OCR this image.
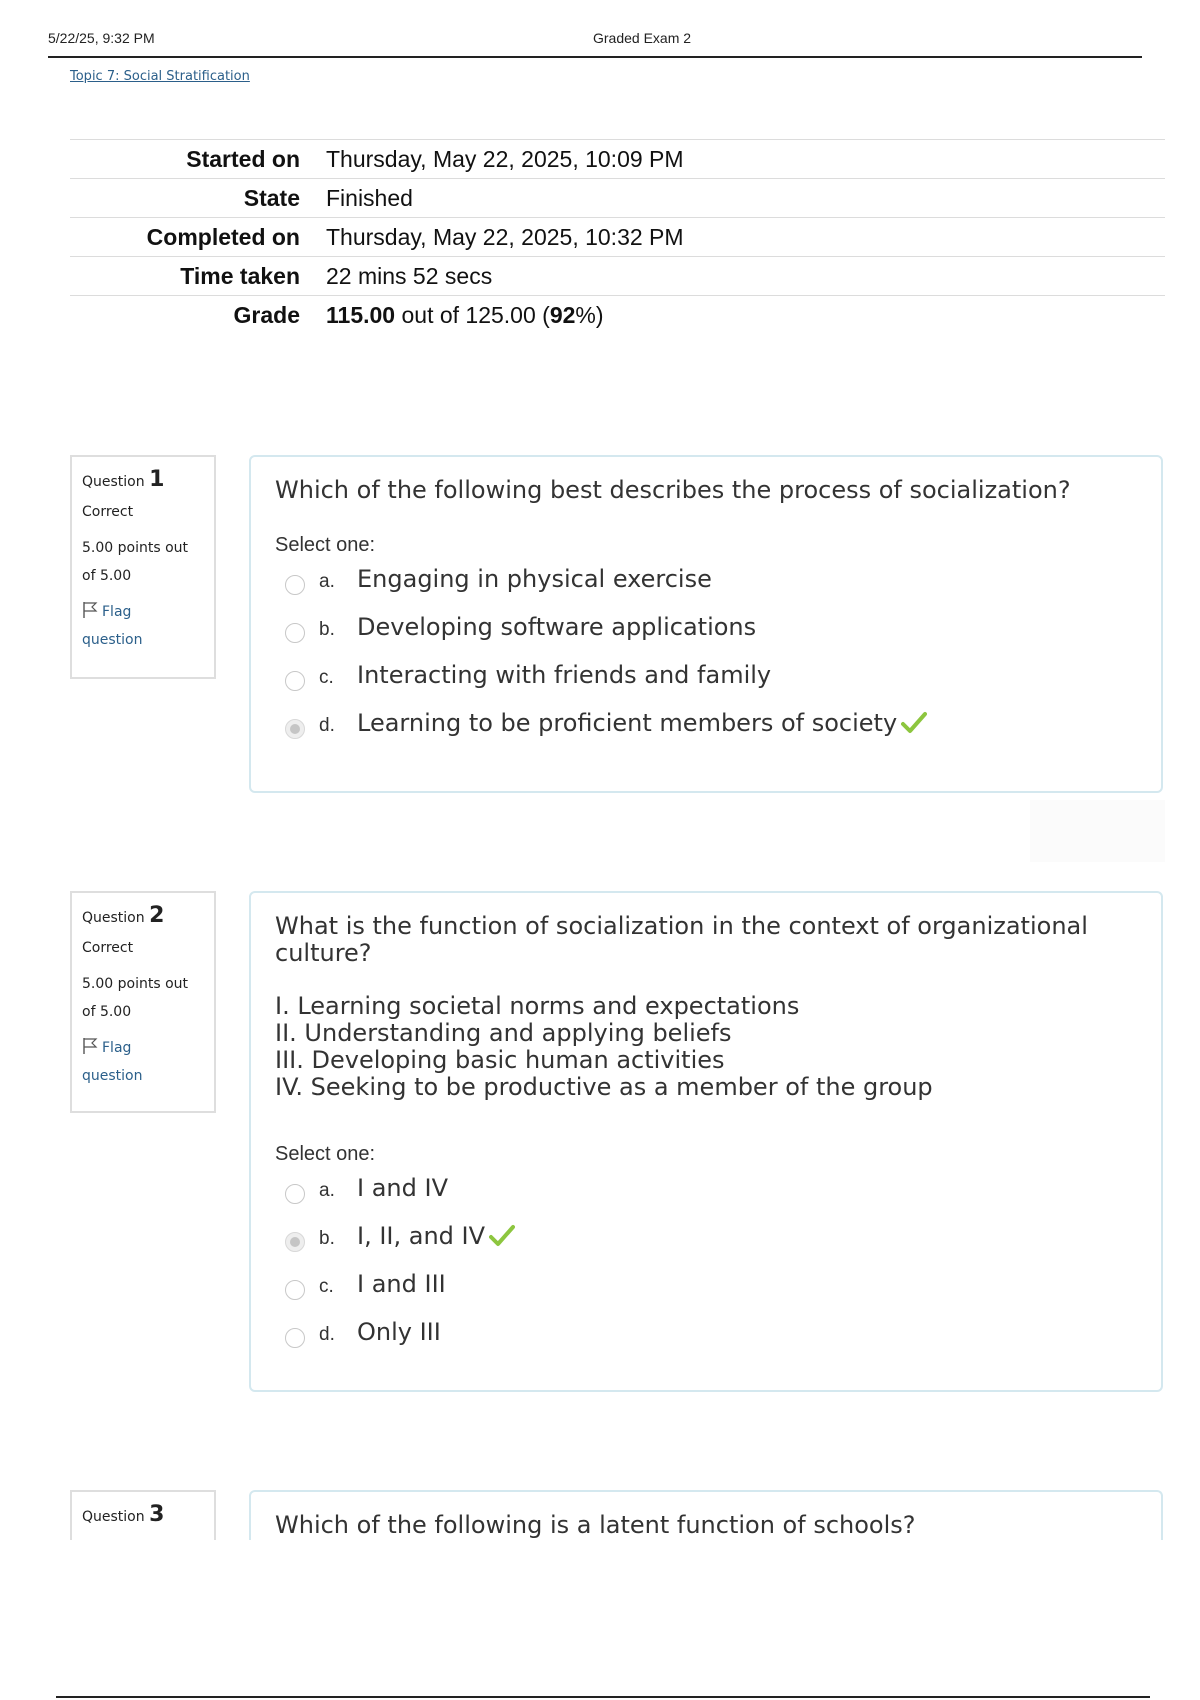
5/22/25, 9:32 PM	Graded Exam 2
Topic 7: Social Stratification
Started on	Thursday, May 22, 2025, 10:09 PM
State	Finished
Completed on	Thursday, May 22, 2025, 10:32 PM
Time taken	22 mins 52 secs
Grade	115.00 out of 125.00 (92%)
Question 1
Correct
5.00 points out
of 5.00
Flag
question
Which of the following best describes the process of socialization?
Select one:
a. Engaging in physical exercise
b. Developing software applications
c. Interacting with friends and family
d. Learning to be proficient members of society
Question 2
Correct
5.00 points out
of 5.00
Flag
question

What is the function of socialization in the context of organizational

culture?

I. Learning societal norms and expectations
II. Understanding and applying beliefs
III. Developing basic human activities
IV. Seeking to be productive as a member of the group
Select one:
a. I and IV
b. I, II, and IV
c. I and III
d. Only III
Question 3	Which of the following is a latent function of schools?
